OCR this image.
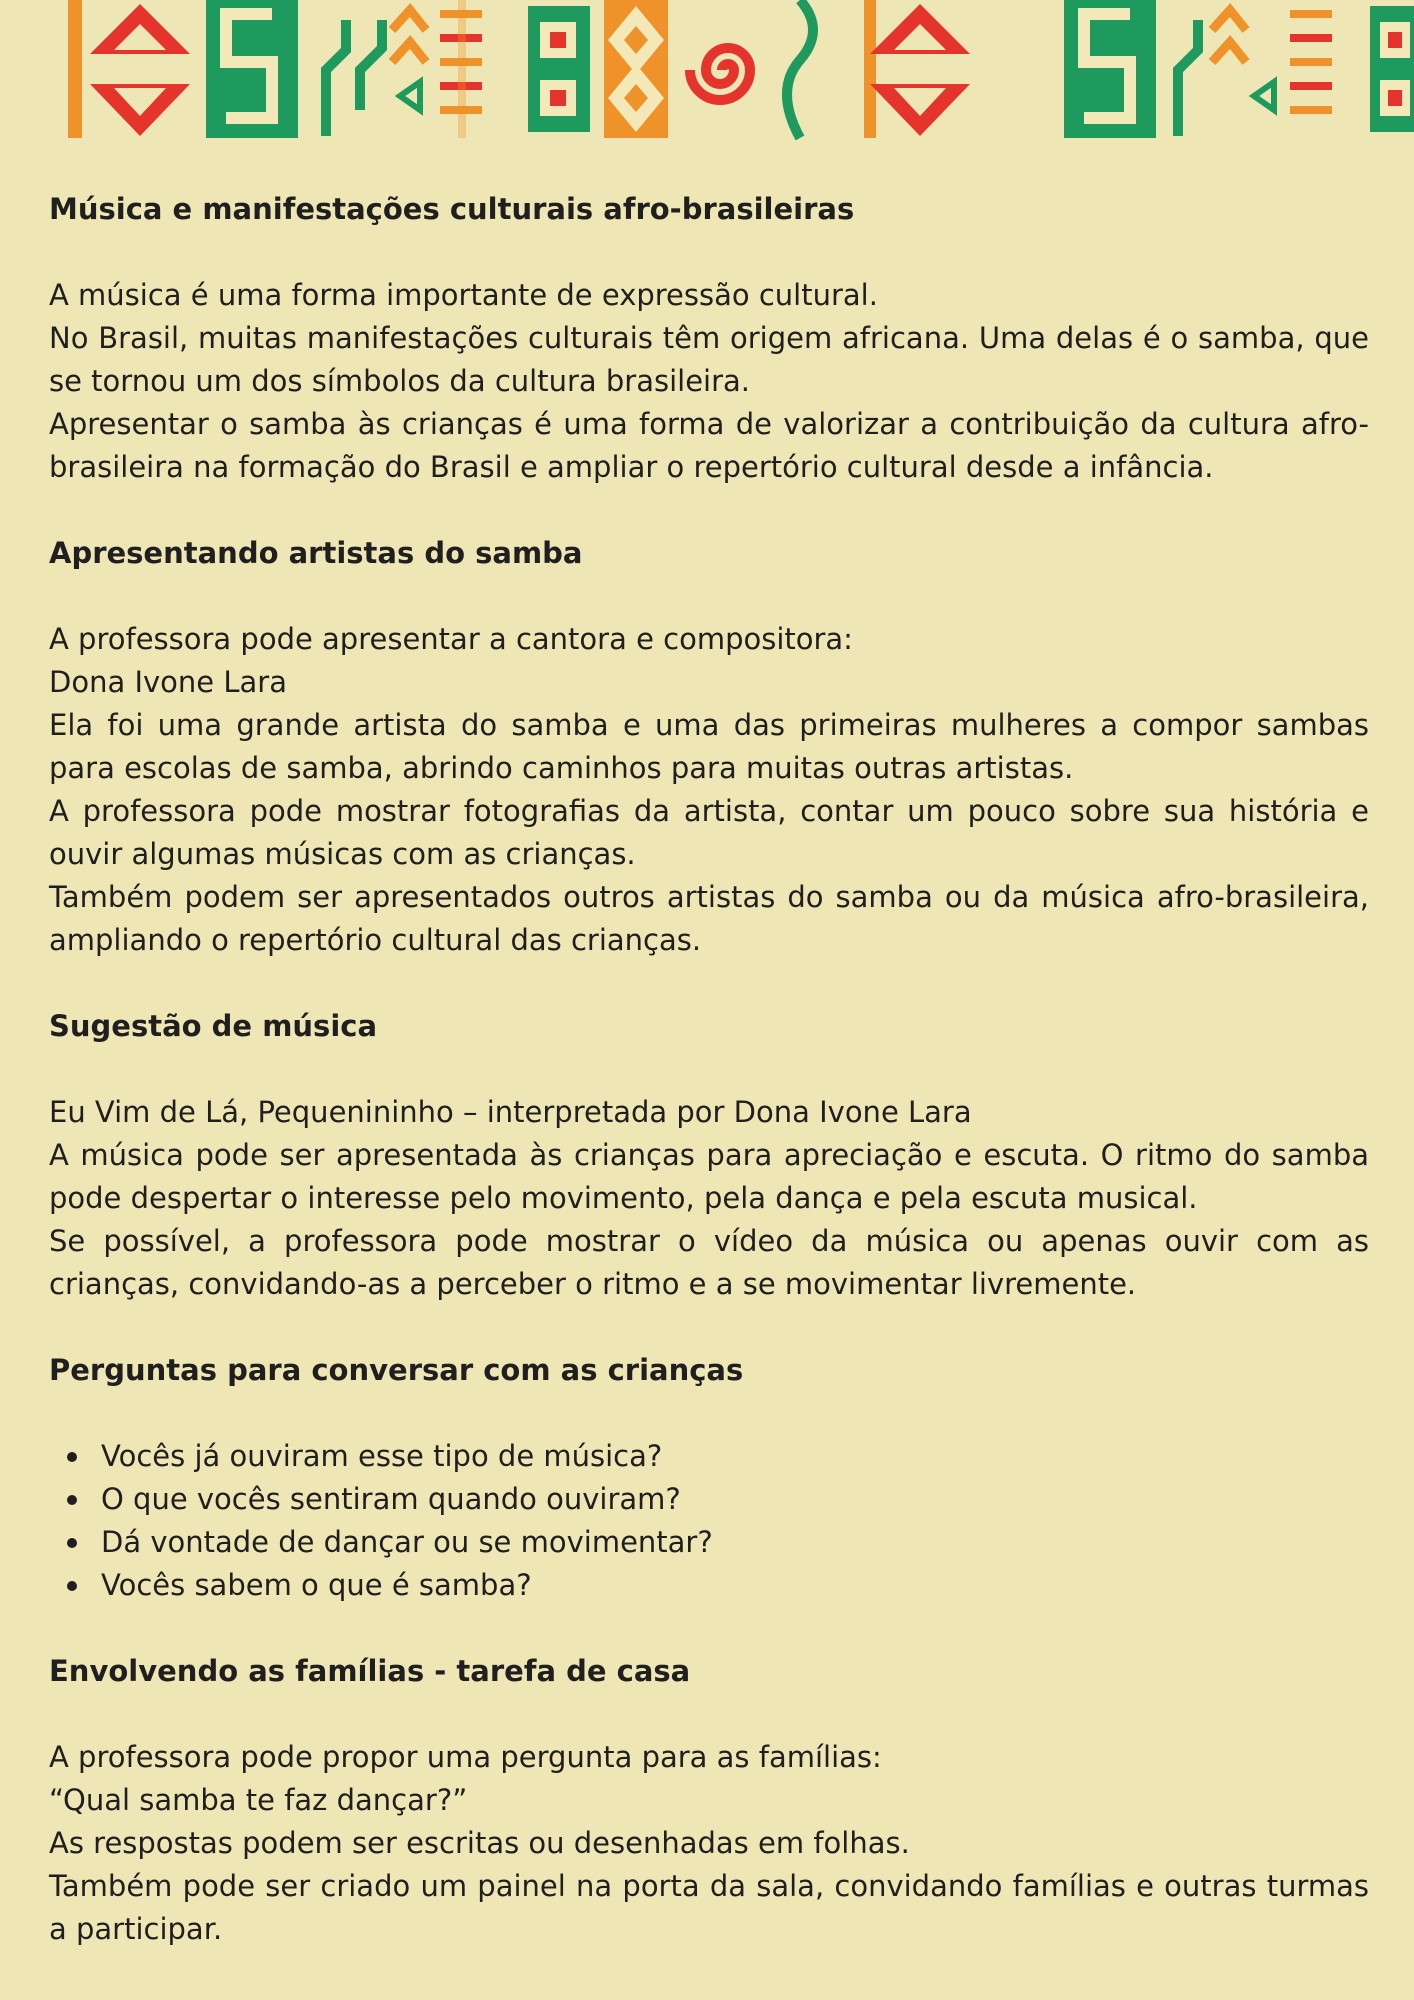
Música e manifestações culturais afro-brasileiras

A música é uma forma importante de expressão cultural.

No Brasil, muitas manifestações culturais têm origem africana. Uma delas é o samba, que se tornou um dos símbolos da cultura brasileira.

Apresentar o samba às crianças é uma forma de valorizar a contribuição da cultura afro-brasileira na formação do Brasil e ampliar o repertório cultural desde a infância.

Apresentando artistas do samba

A professora pode apresentar a cantora e compositora:

Dona Ivone Lara

Ela foi uma grande artista do samba e uma das primeiras mulheres a compor sambas para escolas de samba, abrindo caminhos para muitas outras artistas.

A professora pode mostrar fotografias da artista, contar um pouco sobre sua história e ouvir algumas músicas com as crianças.

Também podem ser apresentados outros artistas do samba ou da música afro-brasileira, ampliando o repertório cultural das crianças.

Sugestão de música

Eu Vim de Lá, Pequenininho – interpretada por Dona Ivone Lara

A música pode ser apresentada às crianças para apreciação e escuta. O ritmo do samba pode despertar o interesse pelo movimento, pela dança e pela escuta musical.

Se possível, a professora pode mostrar o vídeo da música ou apenas ouvir com as crianças, convidando-as a perceber o ritmo e a se movimentar livremente.

Perguntas para conversar com as crianças
Vocês já ouviram esse tipo de música?
O que vocês sentiram quando ouviram?
Dá vontade de dançar ou se movimentar?
Vocês sabem o que é samba?
Envolvendo as famílias - tarefa de casa

A professora pode propor uma pergunta para as famílias:

“Qual samba te faz dançar?”

As respostas podem ser escritas ou desenhadas em folhas.

Também pode ser criado um painel na porta da sala, convidando famílias e outras turmas a participar.
